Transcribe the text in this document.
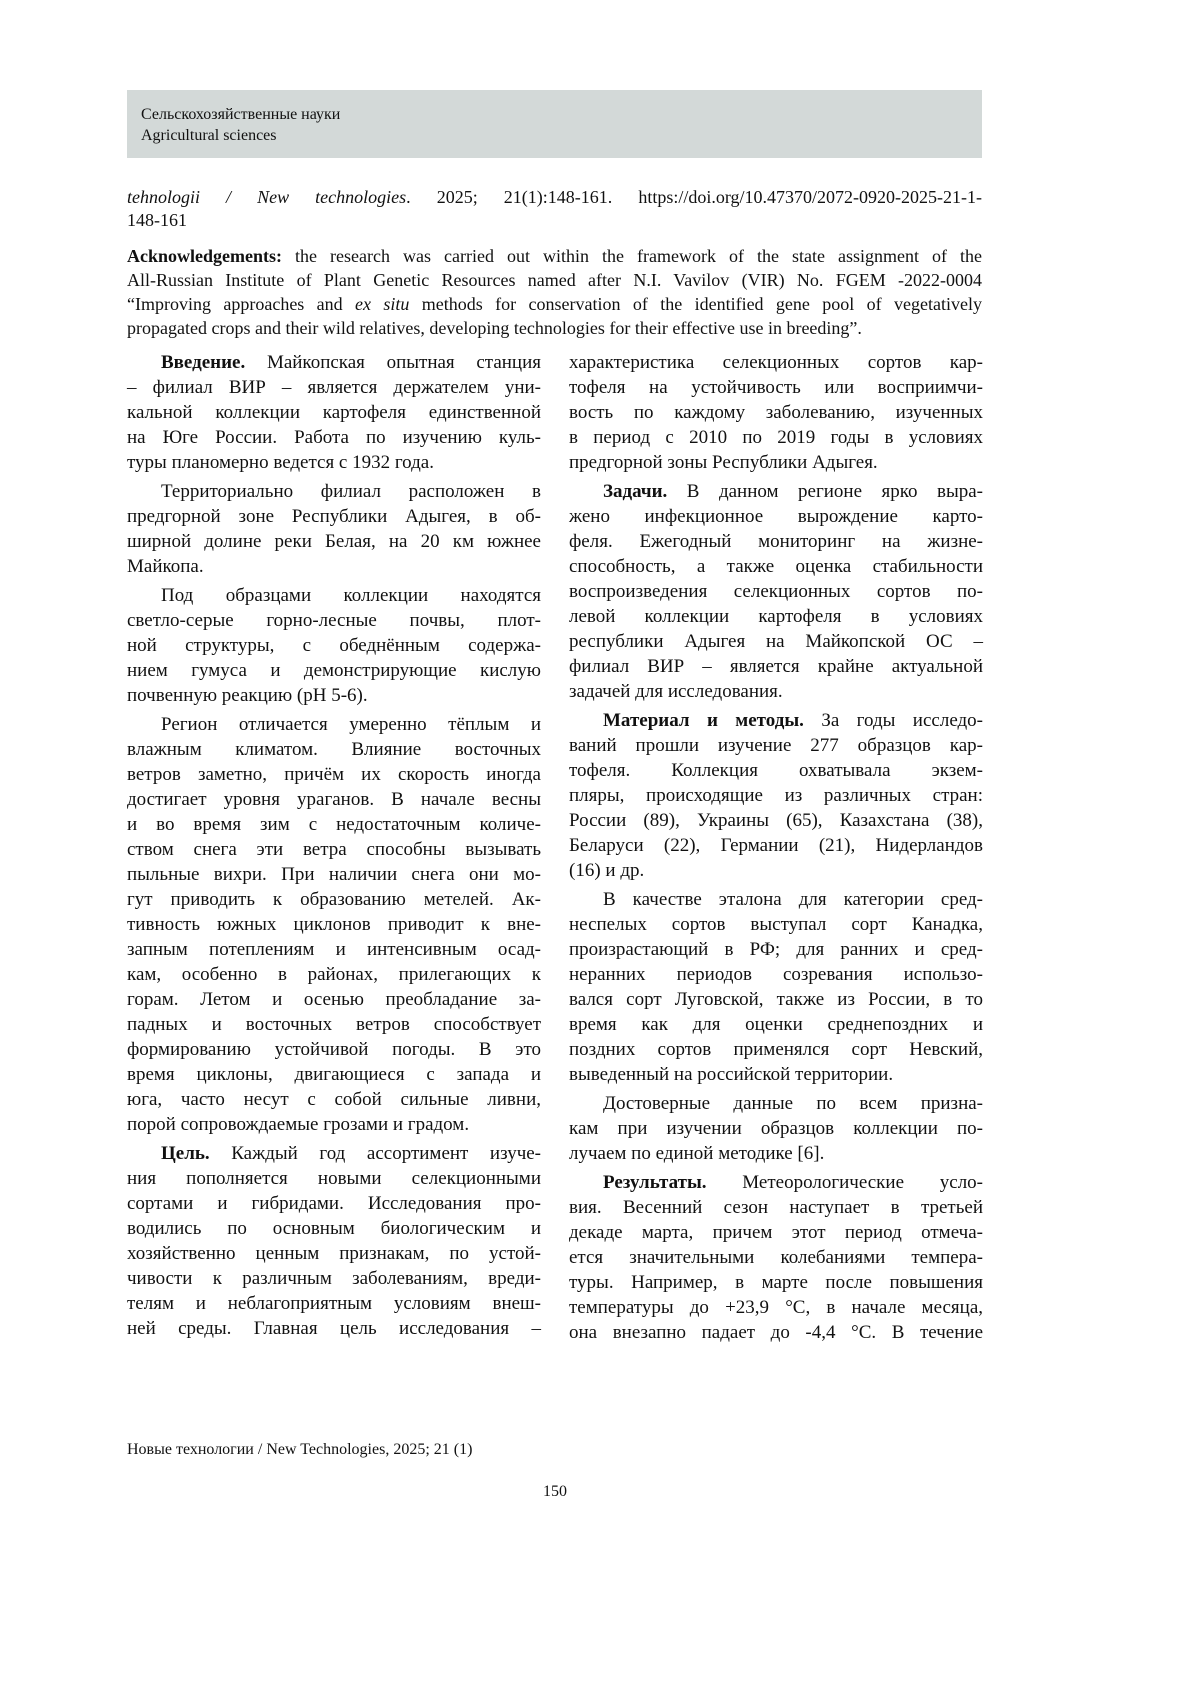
Сельскохозяйственные науки
Agricultural sciences
tehnologii / New technologies. 2025; 21(1):148-161. https://doi.org/10.47370/2072-0920-2025-21-1-
148-161
Acknowledgements: the research was carried out within the framework of the state assignment of the
All-Russian Institute of Plant Genetic Resources named after N.I. Vavilov (VIR) No. FGEM -2022-0004
“Improving approaches and ex situ methods for conservation of the identified gene pool of vegetatively
propagated crops and their wild relatives, developing technologies for their effective use in breeding”.
Введение. Майкопская опытная станция
– филиал ВИР – является держателем уни-
кальной коллекции картофеля единственной
на Юге России. Работа по изучению куль-
туры планомерно ведется с 1932 года.
Территориально филиал расположен в
предгорной зоне Республики Адыгея, в об-
ширной долине реки Белая, на 20 км южнее
Майкопа.
Под образцами коллекции находятся
светло-серые горно-лесные почвы, плот-
ной структуры, с обеднённым содержа-
нием гумуса и демонстрирующие кислую
почвенную реакцию (pH 5-6).
Регион отличается умеренно тёплым и
влажным климатом. Влияние восточных
ветров заметно, причём их скорость иногда
достигает уровня ураганов. В начале весны
и во время зим с недостаточным количе-
ством снега эти ветра способны вызывать
пыльные вихри. При наличии снега они мо-
гут приводить к образованию метелей. Ак-
тивность южных циклонов приводит к вне-
запным потеплениям и интенсивным осад-
кам, особенно в районах, прилегающих к
горам. Летом и осенью преобладание за-
падных и восточных ветров способствует
формированию устойчивой погоды. В это
время циклоны, двигающиеся с запада и
юга, часто несут с собой сильные ливни,
порой сопровождаемые грозами и градом.
Цель. Каждый год ассортимент изуче-
ния пополняется новыми селекционными
сортами и гибридами. Исследования про-
водились по основным биологическим и
хозяйственно ценным признакам, по устой-
чивости к различным заболеваниям, вреди-
телям и неблагоприятным условиям внеш-
ней среды. Главная цель исследования –
характеристика селекционных сортов кар-
тофеля на устойчивость или восприимчи-
вость по каждому заболеванию, изученных
в период с 2010 по 2019 годы в условиях
предгорной зоны Республики Адыгея.
Задачи. В данном регионе ярко выра-
жено инфекционное вырождение карто-
феля. Ежегодный мониторинг на жизне-
способность, а также оценка стабильности
воспроизведения селекционных сортов по-
левой коллекции картофеля в условиях
республики Адыгея на Майкопской ОС –
филиал ВИР – является крайне актуальной
задачей для исследования.
Материал и методы. За годы исследо-
ваний прошли изучение 277 образцов кар-
тофеля. Коллекция охватывала экзем-
пляры, происходящие из различных стран:
России (89), Украины (65), Казахстана (38),
Беларуси (22), Германии (21), Нидерландов
(16) и др.
В качестве эталона для категории сред-
неспелых сортов выступал сорт Канадка,
произрастающий в РФ; для ранних и сред-
неранних периодов созревания использо-
вался сорт Луговской, также из России, в то
время как для оценки среднепоздних и
поздних сортов применялся сорт Невский,
выведенный на российской территории.
Достоверные данные по всем призна-
кам при изучении образцов коллекции по-
лучаем по единой методике [6].
Результаты. Метеорологические усло-
вия. Весенний сезон наступает в третьей
декаде марта, причем этот период отмеча-
ется значительными колебаниями темпера-
туры. Например, в марте после повышения
температуры до +23,9 °С, в начале месяца,
она внезапно падает до -4,4 °С. В течение
Новые технологии / New Technologies, 2025; 21 (1)
150
